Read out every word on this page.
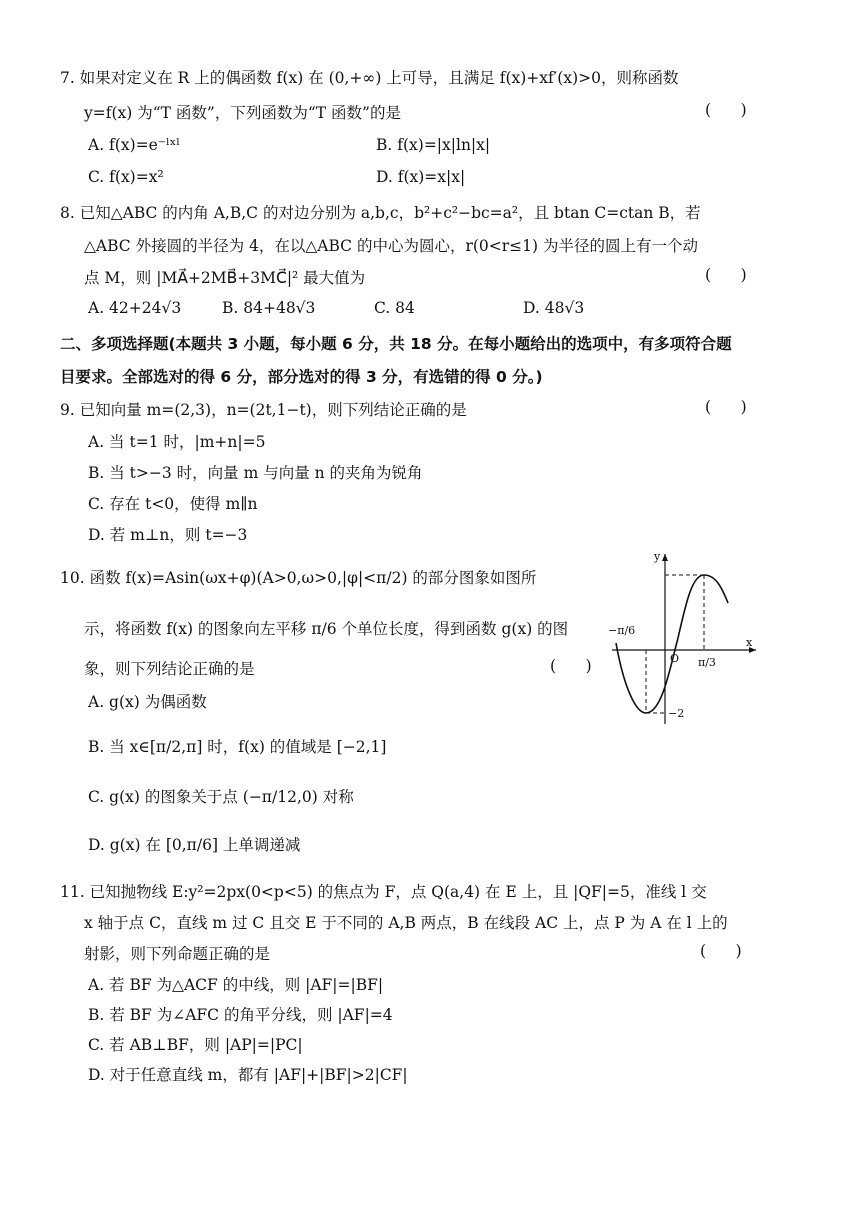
7. 如果对定义在 R 上的偶函数 f(x) 在 (0,+∞) 上可导，且满足 f(x)+xf′(x)>0，则称函数
y=f(x) 为“T 函数”，下列函数为“T 函数”的是	(      )
A. f(x)=e⁻ˡˣˡ	B. f(x)=|x|ln|x|
C. f(x)=x²	D. f(x)=x|x|
8. 已知△ABC 的内角 A,B,C 的对边分别为 a,b,c，b²+c²−bc=a²，且 btan C=ctan B，若
△ABC 外接圆的半径为 4，在以△ABC 的中心为圆心，r(0<r≤1) 为半径的圆上有一个动
点 M，则 |MA⃗+2MB⃗+3MC⃗|² 最大值为	(      )
A. 42+24√3	B. 84+48√3	C. 84	D. 48√3
二、多项选择题(本题共 3 小题，每小题 6 分，共 18 分。在每小题给出的选项中，有多项符合题
目要求。全部选对的得 6 分，部分选对的得 3 分，有选错的得 0 分。)
9. 已知向量 m=(2,3)，n=(2t,1−t)，则下列结论正确的是	(      )
A. 当 t=1 时，|m+n|=5
B. 当 t>−3 时，向量 m 与向量 n 的夹角为锐角
C. 存在 t<0，使得 m∥n
D. 若 m⊥n，则 t=−3
10. 函数 f(x)=Asin(ωx+φ)(A>0,ω>0,|φ|<π/2) 的部分图象如图所
示，将函数 f(x) 的图象向左平移 π/6 个单位长度，得到函数 g(x) 的图
象，则下列结论正确的是	(      )
A. g(x) 为偶函数
B. 当 x∈[π/2,π] 时，f(x) 的值域是 [−2,1]
C. g(x) 的图象关于点 (−π/12,0) 对称
D. g(x) 在 [0,π/6] 上单调递减
y
x
O
−π/6
π/3
−2
11. 已知抛物线 E:y²=2px(0<p<5) 的焦点为 F，点 Q(a,4) 在 E 上，且 |QF|=5，准线 l 交
x 轴于点 C，直线 m 过 C 且交 E 于不同的 A,B 两点，B 在线段 AC 上，点 P 为 A 在 l 上的
射影，则下列命题正确的是	(      )
A. 若 BF 为△ACF 的中线，则 |AF|=|BF|
B. 若 BF 为∠AFC 的角平分线，则 |AF|=4
C. 若 AB⊥BF，则 |AP|=|PC|
D. 对于任意直线 m，都有 |AF|+|BF|>2|CF|
